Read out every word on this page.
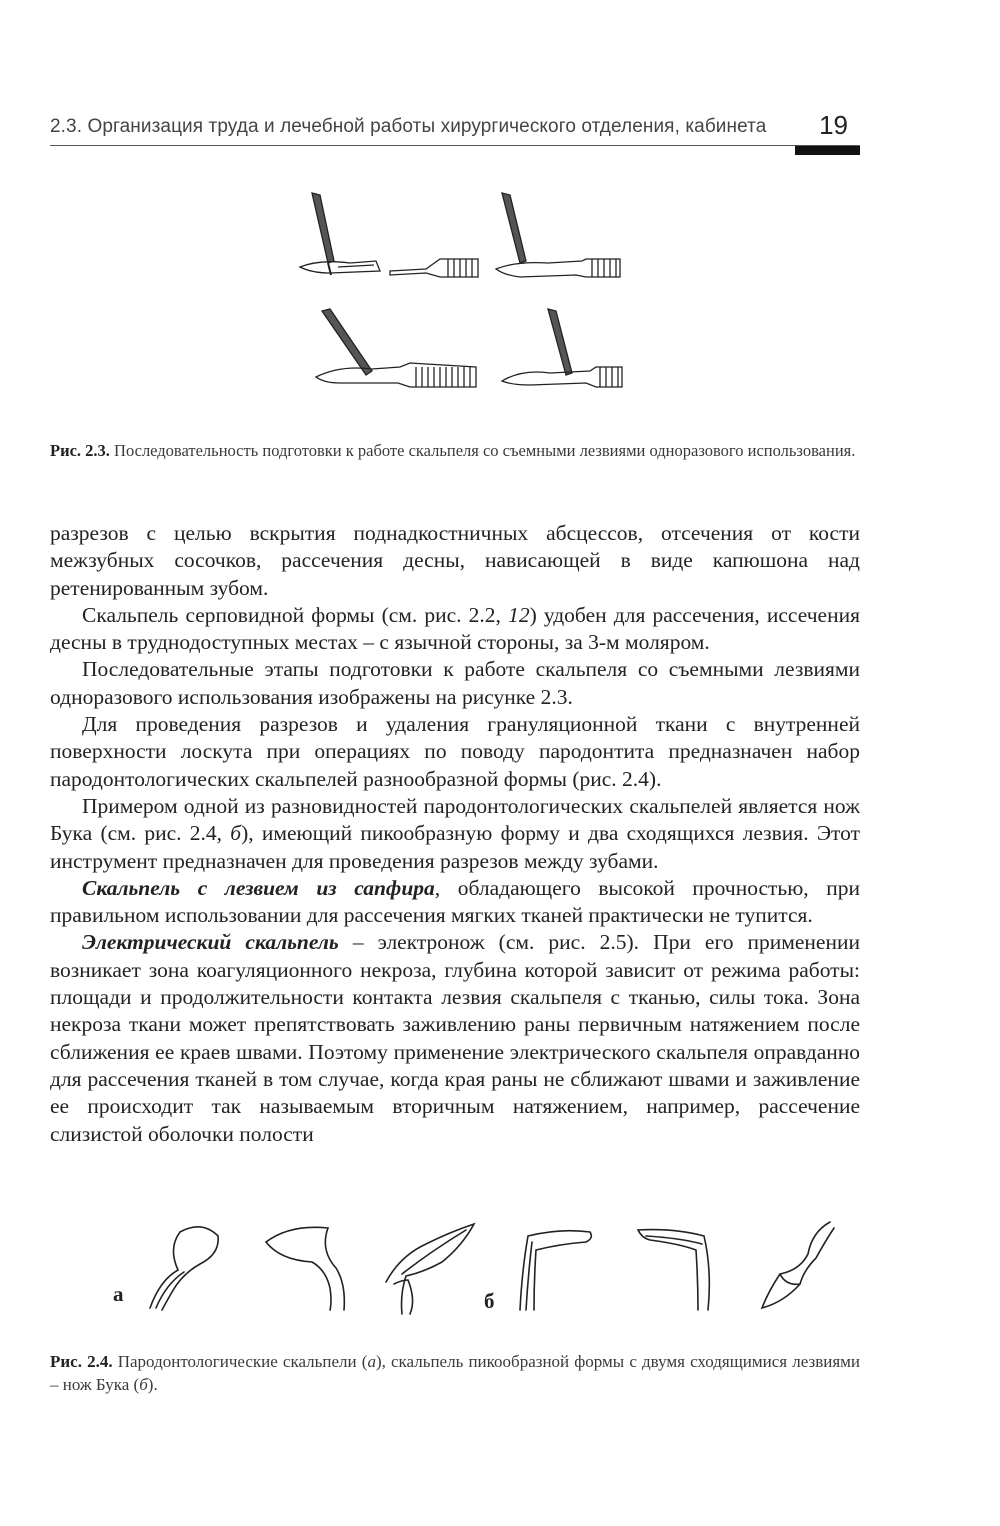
2.3. Организация труда и лечебной работы хирургического отделения, кабинета 19
Рис. 2.3. Последовательность подготовки к работе скальпеля со съемными лезвиями одноразового использования.

разрезов с целью вскрытия поднадкостничных абсцессов, отсечения от кости межзубных сосочков, рассечения десны, нависающей в виде капюшона над ретенированным зубом.

Скальпель серповидной формы (см. рис. 2.2, 12) удобен для рассечения, иссечения десны в труднодоступных местах – с язычной стороны, за 3-м моляром.

Последовательные этапы подготовки к работе скальпеля со съемными лезвиями одноразового использования изображены на рисунке 2.3.

Для проведения разрезов и удаления грануляционной ткани с внутренней поверхности лоскута при операциях по поводу пародонтита предназначен набор пародонтологических скальпелей разнообразной формы (рис. 2.4).

Примером одной из разновидностей пародонтологических скальпелей является нож Бука (см. рис. 2.4, б), имеющий пикообразную форму и два сходящихся лезвия. Этот инструмент предназначен для проведения разрезов между зубами.

Скальпель с лезвием из сапфира, обладающего высокой прочностью, при правильном использовании для рассечения мягких тканей практически не тупится.

Электрический скальпель – электронож (см. рис. 2.5). При его применении возникает зона коагуляционного некроза, глубина которой зависит от режима работы: площади и продолжительности контакта лезвия скальпеля с тканью, силы тока. Зона некроза ткани может препятствовать заживлению раны первичным натяжением после сближения ее краев швами. Поэтому применение электрического скальпеля оправданно для рассечения тканей в том случае, когда края раны не сближают швами и заживление ее происходит так называемым вторичным натяжением, например, рассечение слизистой оболочки полости

а	б
Рис. 2.4. Пародонтологические скальпели (а), скальпель пикообразной формы с двумя сходящимися лезвиями – нож Бука (б).
